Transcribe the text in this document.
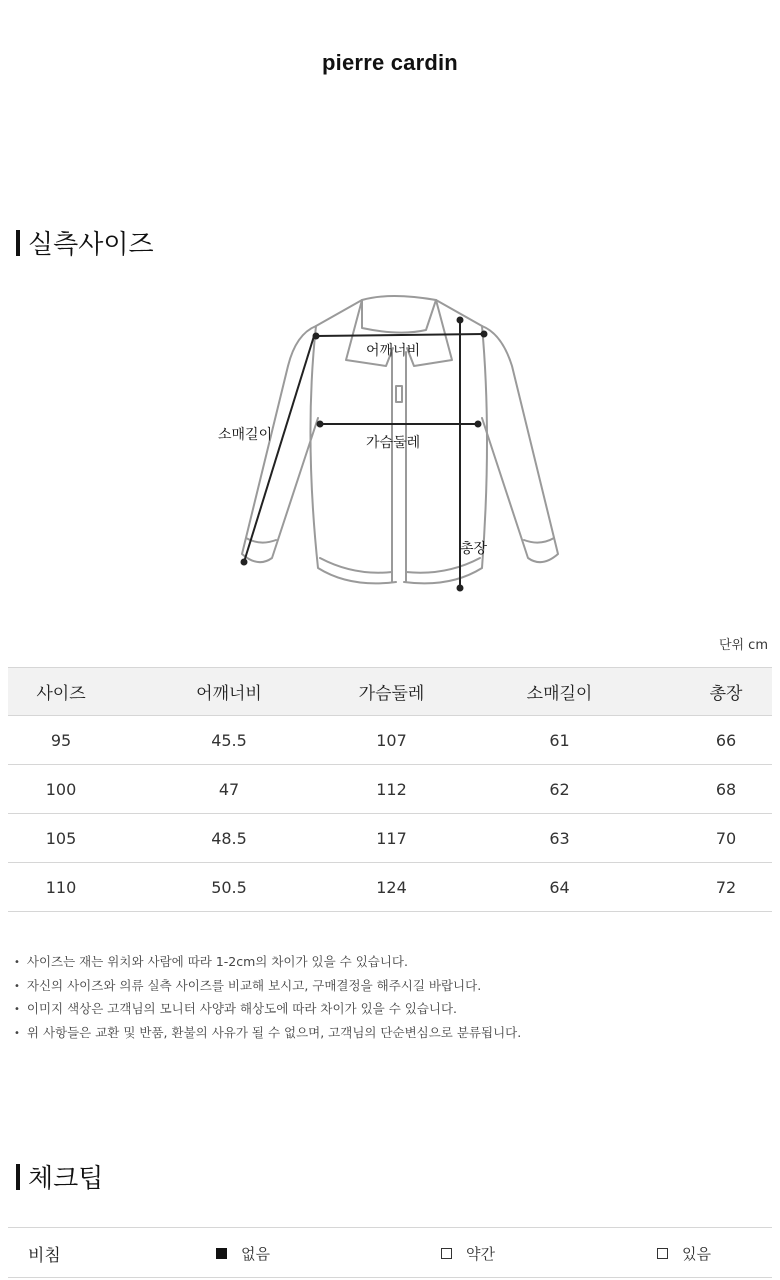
pierre cardin
실측사이즈
어깨너비
가슴둘레
소매길이
총장
단위 cm
사이즈	어깨너비	가슴둘레	소매길이	총장
95	45.5	107	61	66
100	47	112	62	68
105	48.5	117	63	70
110	50.5	124	64	72
• 사이즈는 재는 위치와 사람에 따라 1-2cm의 차이가 있을 수 있습니다.
• 자신의 사이즈와 의류 실측 사이즈를 비교해 보시고, 구매결정을 해주시길 바랍니다.
• 이미지 색상은 고객님의 모니터 사양과 해상도에 따라 차이가 있을 수 있습니다.
• 위 사항들은 교환 및 반품, 환불의 사유가 될 수 없으며, 고객님의 단순변심으로 분류됩니다.
체크팁
비침	없음	약간	있음
